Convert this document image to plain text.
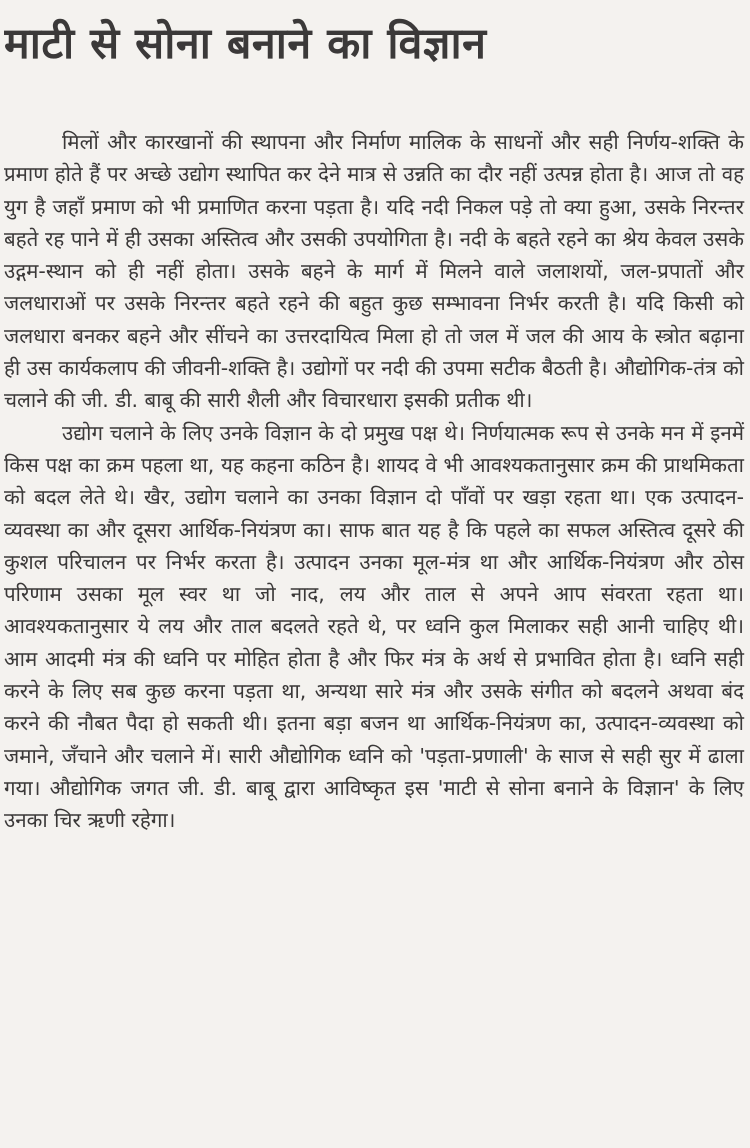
माटी से सोना बनाने का विज्ञान

मिलों और कारखानों की स्थापना और निर्माण मालिक के साधनों और सही निर्णय-शक्ति के प्रमाण होते हैं पर अच्छे उद्योग स्थापित कर देने मात्र से उन्नति का दौर नहीं उत्पन्न होता है। आज तो वह युग है जहाँ प्रमाण को भी प्रमाणित करना पड़ता है। यदि नदी निकल पड़े तो क्या हुआ, उसके निरन्तर बहते रह पाने में ही उसका अस्तित्व और उसकी उपयोगिता है। नदी के बहते रहने का श्रेय केवल उसके उद्गम-स्थान को ही नहीं होता। उसके बहने के मार्ग में मिलने वाले जलाशयों, जल-प्रपातों और जलधाराओं पर उसके निरन्तर बहते रहने की बहुत कुछ सम्भावना निर्भर करती है। यदि किसी को जलधारा बनकर बहने और सींचने का उत्तरदायित्व मिला हो तो जल में जल की आय के स्त्रोत बढ़ाना ही उस कार्यकलाप की जीवनी-शक्ति है। उद्योगों पर नदी की उपमा सटीक बैठती है। औद्योगिक-तंत्र को चलाने की जी. डी. बाबू की सारी शैली और विचारधारा इसकी प्रतीक थी।

उद्योग चलाने के लिए उनके विज्ञान के दो प्रमुख पक्ष थे। निर्णयात्मक रूप से उनके मन में इनमें किस पक्ष का क्रम पहला था, यह कहना कठिन है। शायद वे भी आवश्यकतानुसार क्रम की प्राथमिकता को बदल लेते थे। खैर, उद्योग चलाने का उनका विज्ञान दो पाँवों पर खड़ा रहता था। एक उत्पादन-व्यवस्था का और दूसरा आर्थिक-नियंत्रण का। साफ बात यह है कि पहले का सफल अस्तित्व दूसरे की कुशल परिचालन पर निर्भर करता है। उत्पादन उनका मूल-मंत्र था और आर्थिक-नियंत्रण और ठोस परिणाम उसका मूल स्वर था जो नाद, लय और ताल से अपने आप संवरता रहता था। आवश्यकतानुसार ये लय और ताल बदलते रहते थे, पर ध्वनि कुल मिलाकर सही आनी चाहिए थी। आम आदमी मंत्र की ध्वनि पर मोहित होता है और फिर मंत्र के अर्थ से प्रभावित होता है। ध्वनि सही करने के लिए सब कुछ करना पड़ता था, अन्यथा सारे मंत्र और उसके संगीत को बदलने अथवा बंद करने की नौबत पैदा हो सकती थी। इतना बड़ा बजन था आर्थिक-नियंत्रण का, उत्पादन-व्यवस्था को जमाने, जँचाने और चलाने में। सारी औद्योगिक ध्वनि को 'पड़ता-प्रणाली' के साज से सही सुर में ढाला गया। औद्योगिक जगत जी. डी. बाबू द्वारा आविष्कृत इस 'माटी से सोना बनाने के विज्ञान' के लिए उनका चिर ऋणी रहेगा।
